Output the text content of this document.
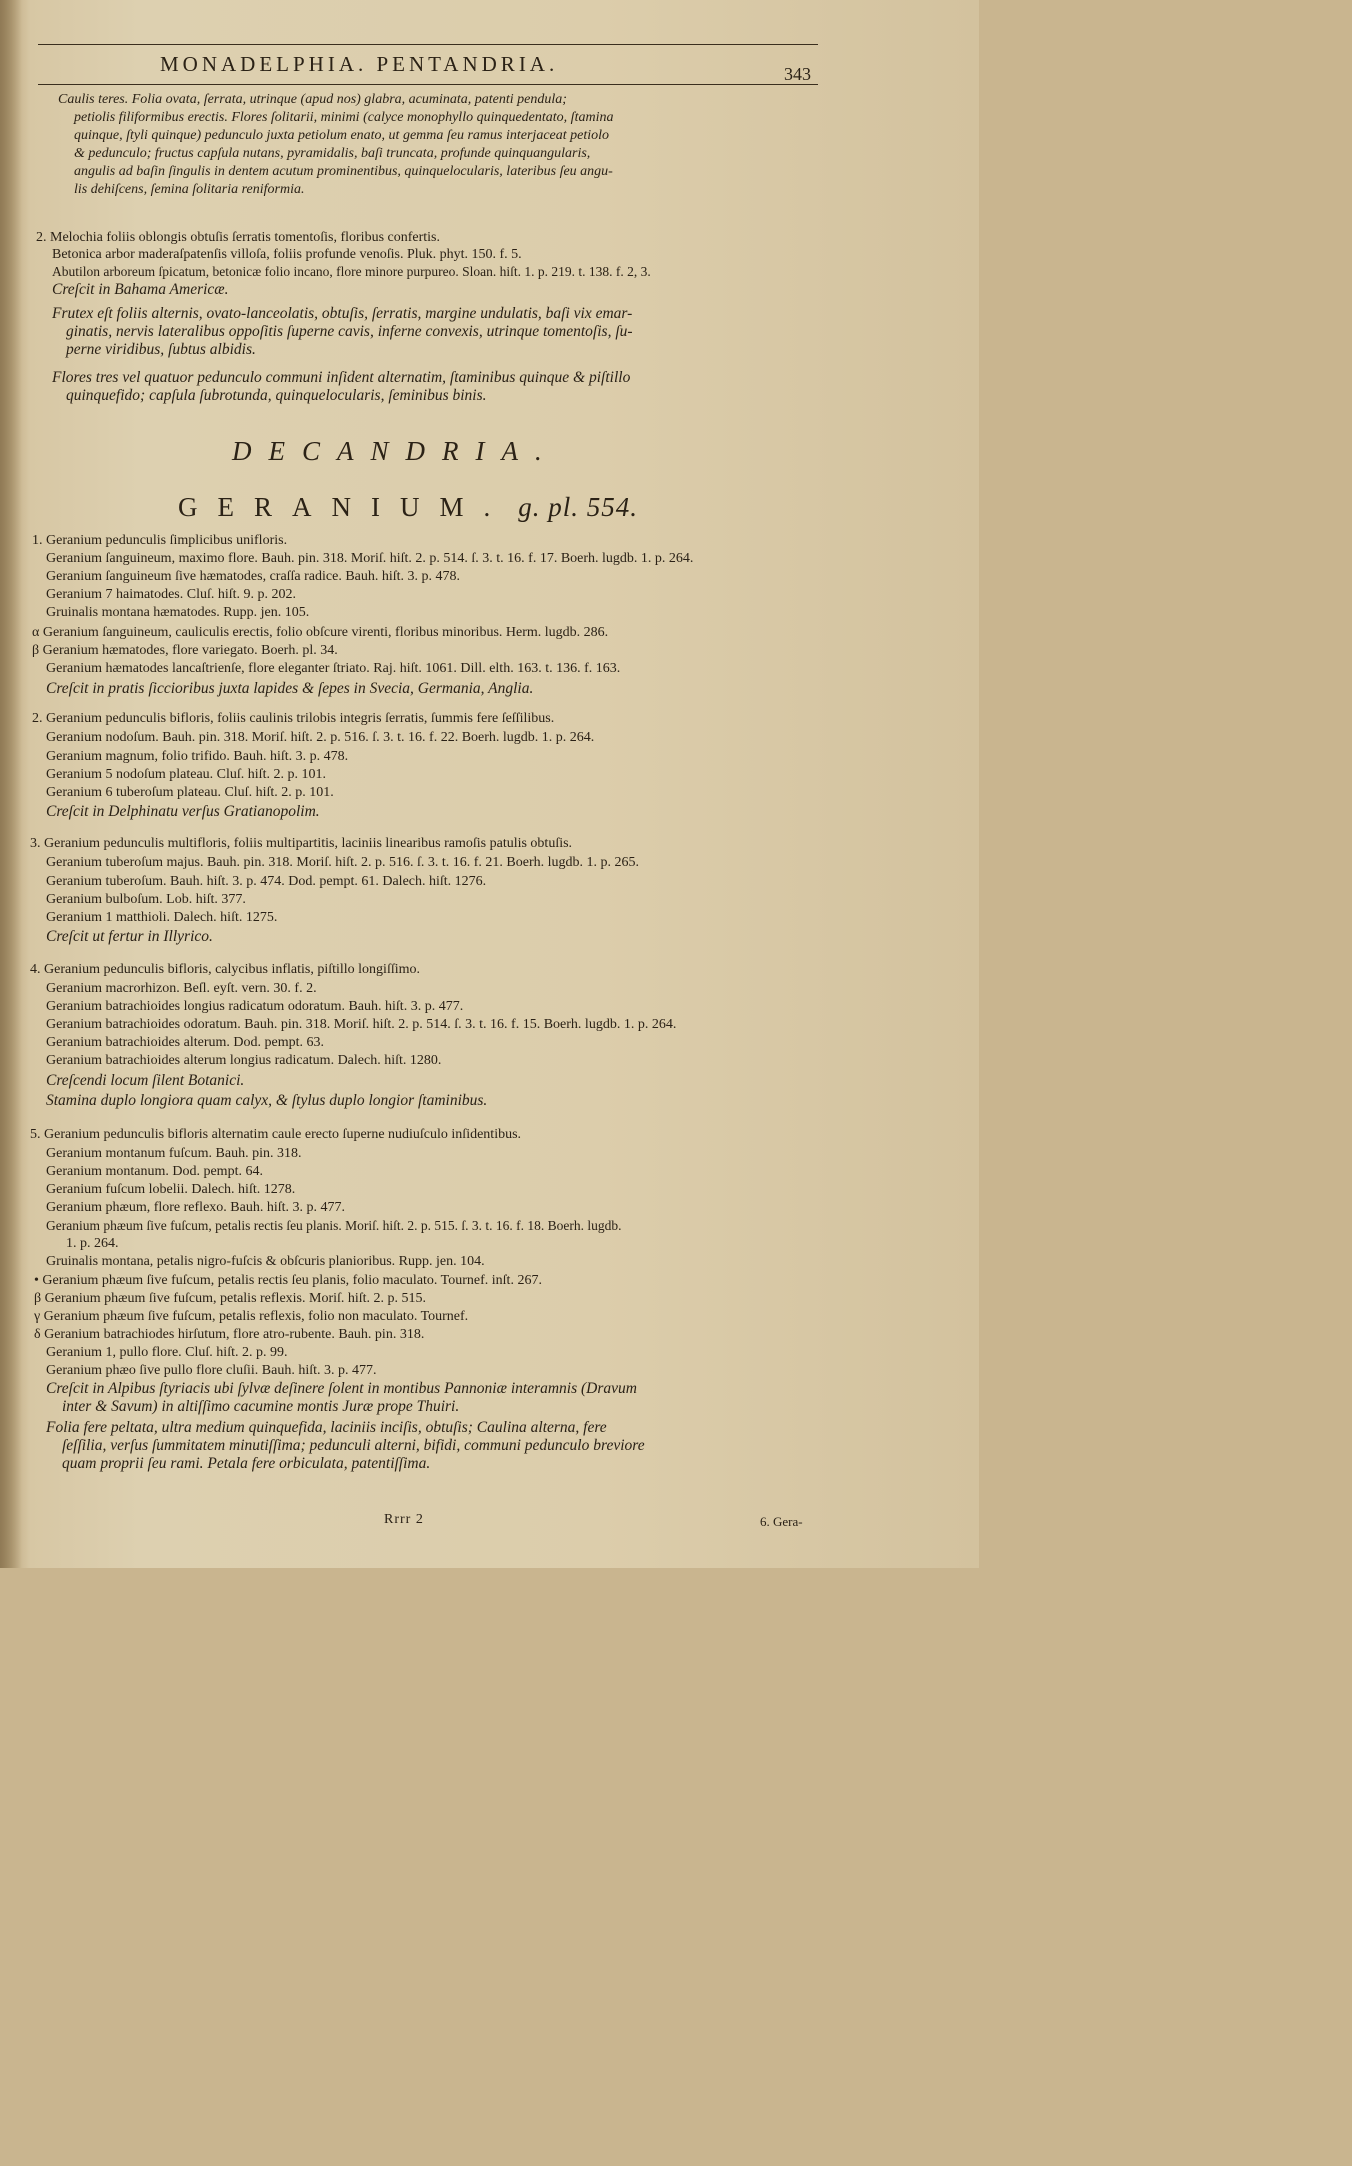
MONADELPHIA. PENTANDRIA.	343
Caulis teres. Folia ovata, ſerrata, utrinque (apud nos) glabra, acuminata, patenti pendula;
petiolis filiformibus erectis. Flores ſolitarii, minimi (calyce monophyllo quinquedentato, ſtamina
quinque, ſtyli quinque) pedunculo juxta petiolum enato, ut gemma ſeu ramus interjaceat petiolo
& pedunculo; fructus capſula nutans, pyramidalis, baſi truncata, profunde quinquangularis,
angulis ad baſin ſingulis in dentem acutum prominentibus, quinquelocularis, lateribus ſeu angu-
lis dehiſcens, ſemina ſolitaria reniformia.
2. Melochia foliis oblongis obtuſis ſerratis tomentoſis, floribus confertis.
Betonica arbor maderaſpatenſis villoſa, foliis profunde venoſis. Pluk. phyt. 150. f. 5.
Abutilon arboreum ſpicatum, betonicæ folio incano, flore minore purpureo. Sloan. hiſt. 1. p. 219. t. 138. f. 2, 3.
Creſcit in Bahama Americæ.
Frutex eſt foliis alternis, ovato-lanceolatis, obtuſis, ſerratis, margine undulatis, baſi vix emar-
ginatis, nervis lateralibus oppoſitis ſuperne cavis, inferne convexis, utrinque tomentoſis, ſu-
perne viridibus, ſubtus albidis.
Flores tres vel quatuor pedunculo communi inſident alternatim, ſtaminibus quinque & piſtillo
quinquefido; capſula ſubrotunda, quinquelocularis, ſeminibus binis.
DECANDRIA.
GERANIUM. g. pl. 554.
1. Geranium pedunculis ſimplicibus unifloris.
Geranium ſanguineum, maximo flore. Bauh. pin. 318. Moriſ. hiſt. 2. p. 514. ſ. 3. t. 16. f. 17. Boerh. lugdb. 1. p. 264.
Geranium ſanguineum ſive hæmatodes, craſſa radice. Bauh. hiſt. 3. p. 478.
Geranium 7 haimatodes. Cluſ. hiſt. 9. p. 202.
Gruinalis montana hæmatodes. Rupp. jen. 105.
α Geranium ſanguineum, cauliculis erectis, folio obſcure virenti, floribus minoribus. Herm. lugdb. 286.
β Geranium hæmatodes, flore variegato. Boerh. pl. 34.
Geranium hæmatodes lancaſtrienſe, flore eleganter ſtriato. Raj. hiſt. 1061. Dill. elth. 163. t. 136. f. 163.
Creſcit in pratis ſiccioribus juxta lapides & ſepes in Svecia, Germania, Anglia.
2. Geranium pedunculis bifloris, foliis caulinis trilobis integris ſerratis, ſummis fere ſeſſilibus.
Geranium nodoſum. Bauh. pin. 318. Moriſ. hiſt. 2. p. 516. ſ. 3. t. 16. f. 22. Boerh. lugdb. 1. p. 264.
Geranium magnum, folio trifido. Bauh. hiſt. 3. p. 478.
Geranium 5 nodoſum plateau. Cluſ. hiſt. 2. p. 101.
Geranium 6 tuberoſum plateau. Cluſ. hiſt. 2. p. 101.
Creſcit in Delphinatu verſus Gratianopolim.
3. Geranium pedunculis multifloris, foliis multipartitis, laciniis linearibus ramoſis patulis obtuſis.
Geranium tuberoſum majus. Bauh. pin. 318. Moriſ. hiſt. 2. p. 516. ſ. 3. t. 16. f. 21. Boerh. lugdb. 1. p. 265.
Geranium tuberoſum. Bauh. hiſt. 3. p. 474. Dod. pempt. 61. Dalech. hiſt. 1276.
Geranium bulboſum. Lob. hiſt. 377.
Geranium 1 matthioli. Dalech. hiſt. 1275.
Creſcit ut fertur in Illyrico.
4. Geranium pedunculis bifloris, calycibus inflatis, piſtillo longiſſimo.
Geranium macrorhizon. Beſl. eyſt. vern. 30. f. 2.
Geranium batrachioides longius radicatum odoratum. Bauh. hiſt. 3. p. 477.
Geranium batrachioides odoratum. Bauh. pin. 318. Moriſ. hiſt. 2. p. 514. ſ. 3. t. 16. f. 15. Boerh. lugdb. 1. p. 264.
Geranium batrachioides alterum. Dod. pempt. 63.
Geranium batrachioides alterum longius radicatum. Dalech. hiſt. 1280.
Creſcendi locum ſilent Botanici.
Stamina duplo longiora quam calyx, & ſtylus duplo longior ſtaminibus.
5. Geranium pedunculis bifloris alternatim caule erecto ſuperne nudiuſculo inſidentibus.
Geranium montanum fuſcum. Bauh. pin. 318.
Geranium montanum. Dod. pempt. 64.
Geranium fuſcum lobelii. Dalech. hiſt. 1278.
Geranium phæum, flore reflexo. Bauh. hiſt. 3. p. 477.
Geranium phæum ſive fuſcum, petalis rectis ſeu planis. Moriſ. hiſt. 2. p. 515. ſ. 3. t. 16. f. 18. Boerh. lugdb.
1. p. 264.
Gruinalis montana, petalis nigro-fuſcis & obſcuris planioribus. Rupp. jen. 104.
• Geranium phæum ſive fuſcum, petalis rectis ſeu planis, folio maculato. Tournef. inſt. 267.
β Geranium phæum ſive fuſcum, petalis reflexis. Moriſ. hiſt. 2. p. 515.
γ Geranium phæum ſive fuſcum, petalis reflexis, folio non maculato. Tournef.
δ Geranium batrachiodes hirſutum, flore atro-rubente. Bauh. pin. 318.
Geranium 1, pullo flore. Cluſ. hiſt. 2. p. 99.
Geranium phæo ſive pullo flore cluſii. Bauh. hiſt. 3. p. 477.
Creſcit in Alpibus ſtyriacis ubi ſylvæ deſinere ſolent in montibus Pannoniæ interamnis (Dravum
inter & Savum) in altiſſimo cacumine montis Juræ prope Thuiri.
Folia fere peltata, ultra medium quinquefida, laciniis inciſis, obtuſis; Caulina alterna, fere
ſeſſilia, verſus ſummitatem minutiſſima; pedunculi alterni, bifidi, communi pedunculo breviore
quam proprii ſeu rami. Petala fere orbiculata, patentiſſima.
Rrrr 2	6. Gera-
